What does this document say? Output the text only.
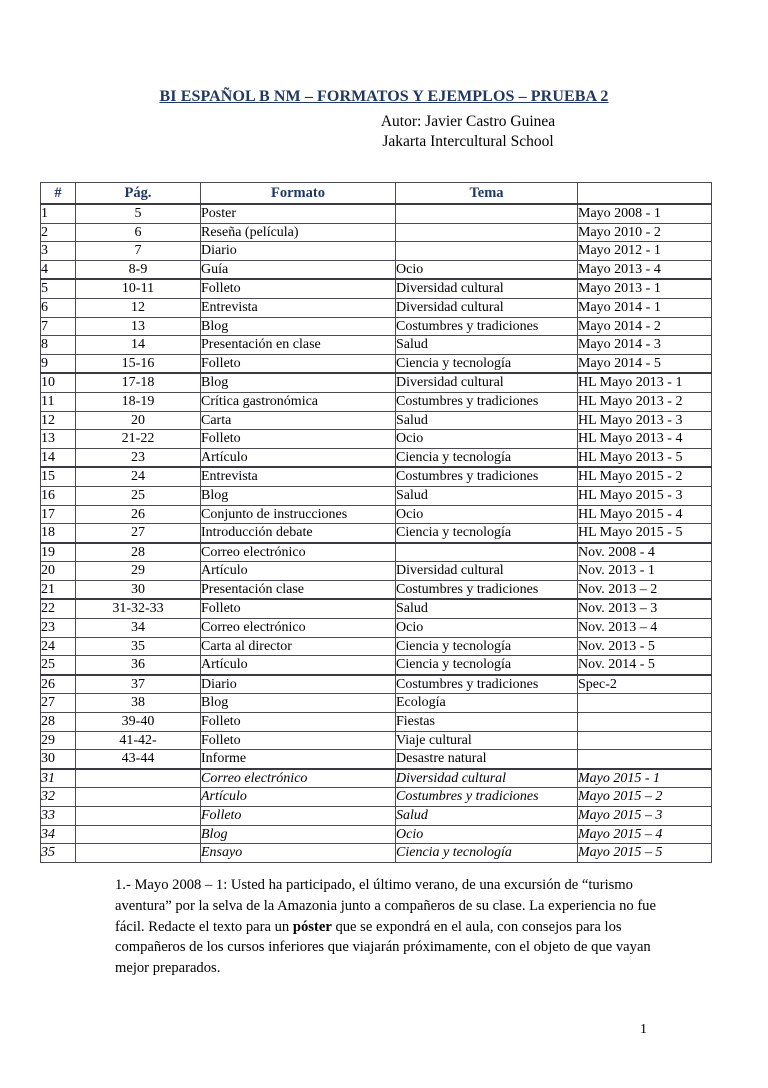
BI ESPAÑOL B NM – FORMATOS Y EJEMPLOS – PRUEBA 2
Autor: Javier Castro Guinea
Jakarta Intercultural School
#	Pág.	Formato	Tema	
1	5	Poster		Mayo 2008 - 1
2	6	Reseña (película)		Mayo 2010 - 2
3	7	Diario		Mayo 2012 - 1
4	8-9	Guía	Ocio	Mayo 2013 - 4
5	10-11	Folleto	Diversidad cultural	Mayo 2013 - 1
6	12	Entrevista	Diversidad cultural	Mayo 2014 - 1
7	13	Blog	Costumbres y tradiciones	Mayo 2014 - 2
8	14	Presentación en clase	Salud	Mayo 2014 - 3
9	15-16	Folleto	Ciencia y tecnología	Mayo 2014 - 5
10	17-18	Blog	Diversidad cultural	HL Mayo 2013 - 1
11	18-19	Crítica gastronómica	Costumbres y tradiciones	HL Mayo 2013 - 2
12	20	Carta	Salud	HL Mayo 2013 - 3
13	21-22	Folleto	Ocio	HL Mayo 2013 - 4
14	23	Artículo	Ciencia y tecnología	HL Mayo 2013 - 5
15	24	Entrevista	Costumbres y tradiciones	HL Mayo 2015 - 2
16	25	Blog	Salud	HL Mayo 2015 - 3
17	26	Conjunto de instrucciones	Ocio	HL Mayo 2015 - 4
18	27	Introducción debate	Ciencia y tecnología	HL Mayo 2015 - 5
19	28	Correo electrónico		Nov. 2008 - 4
20	29	Artículo	Diversidad cultural	Nov. 2013 - 1
21	30	Presentación clase	Costumbres y tradiciones	Nov. 2013 – 2
22	31-32-33	Folleto	Salud	Nov. 2013 – 3
23	34	Correo electrónico	Ocio	Nov. 2013 – 4
24	35	Carta al director	Ciencia y tecnología	Nov. 2013 - 5
25	36	Artículo	Ciencia y tecnología	Nov. 2014 - 5
26	37	Diario	Costumbres y tradiciones	Spec-2
27	38	Blog	Ecología	
28	39-40	Folleto	Fiestas	
29	41-42-	Folleto	Viaje cultural	
30	43-44	Informe	Desastre natural	
31		Correo electrónico	Diversidad cultural	Mayo 2015 - 1
32		Artículo	Costumbres y tradiciones	Mayo 2015 – 2
33		Folleto	Salud	Mayo 2015 – 3
34		Blog	Ocio	Mayo 2015 – 4
35		Ensayo	Ciencia y tecnología	Mayo 2015 – 5
1.- Mayo 2008 – 1: Usted ha participado, el último verano, de una excursión de “turismo aventura” por la selva de la Amazonia junto a compañeros de su clase. La experiencia no fue fácil. Redacte el texto para un póster que se expondrá en el aula, con consejos para los compañeros de los cursos inferiores que viajarán próximamente, con el objeto de que vayan mejor preparados.
1
